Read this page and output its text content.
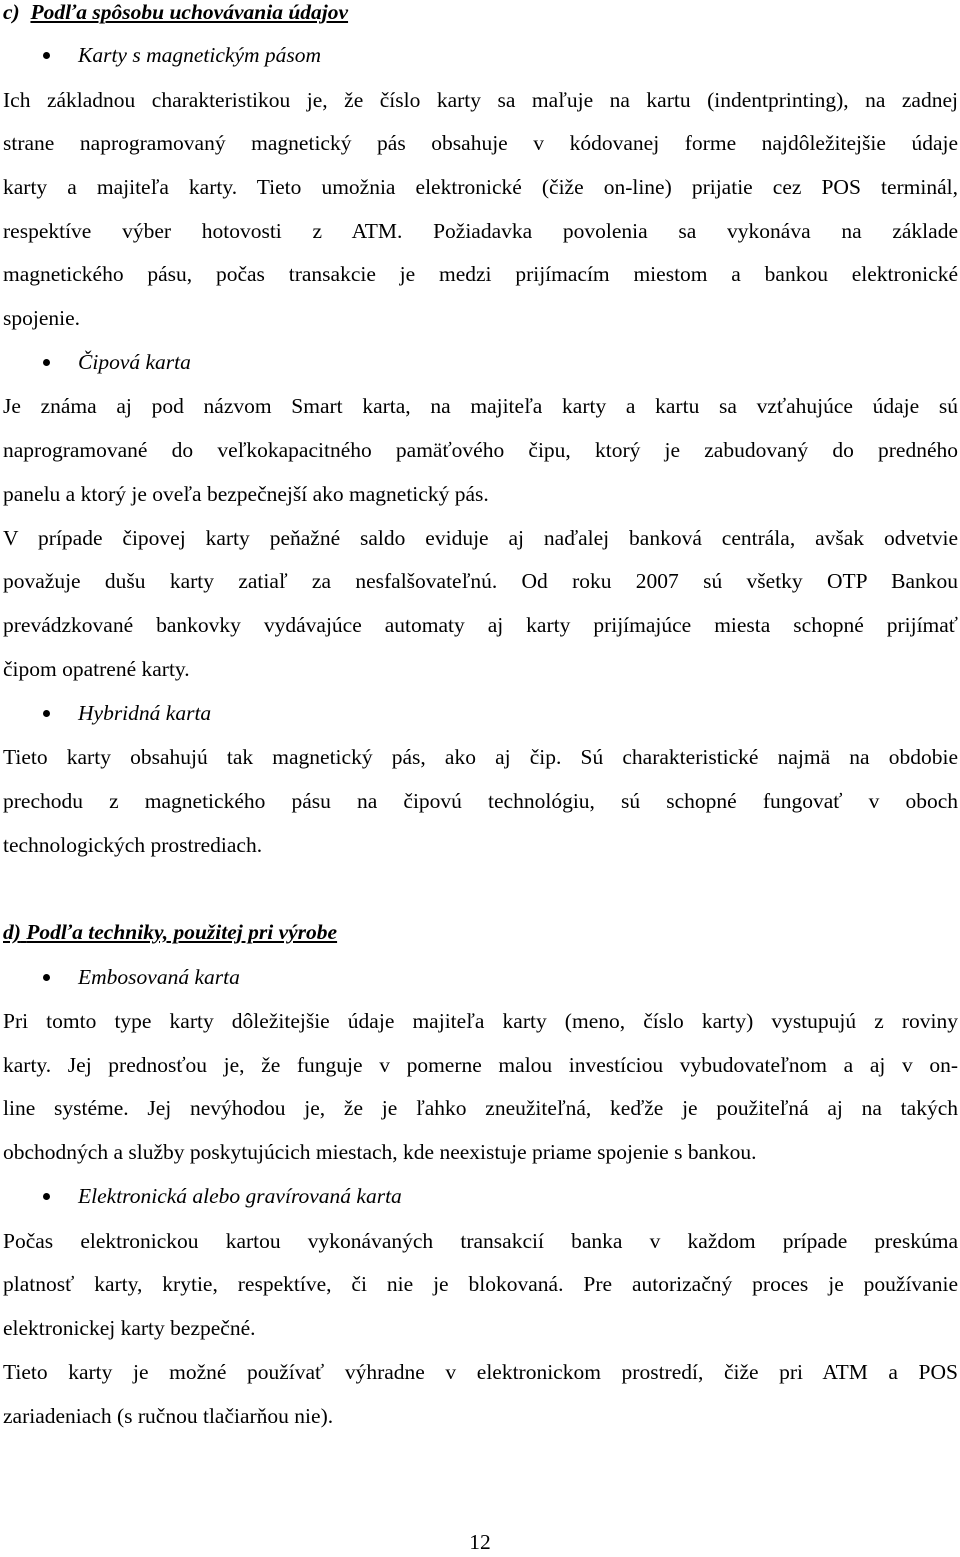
c) Podľa spôsobu uchovávania údajov
Karty s magnetickým pásom
Ich základnou charakteristikou je, že číslo karty sa maľuje na kartu (indentprinting), na zadnej
strane naprogramovaný magnetický pás obsahuje v kódovanej forme najdôležitejšie údaje
karty a majiteľa karty. Tieto umožnia elektronické (čiže on-line) prijatie cez POS terminál,
respektíve výber hotovosti z ATM. Požiadavka povolenia sa vykonáva na základe
magnetického pásu, počas transakcie je medzi prijímacím miestom a bankou elektronické
spojenie.
Čipová karta
Je známa aj pod názvom Smart karta, na majiteľa karty a kartu sa vzťahujúce údaje sú
naprogramované do veľkokapacitného pamäťového čipu, ktorý je zabudovaný do predného
panelu a ktorý je oveľa bezpečnejší ako magnetický pás.
V prípade čipovej karty peňažné saldo eviduje aj naďalej banková centrála, avšak odvetvie
považuje dušu karty zatiaľ za nesfalšovateľnú. Od roku 2007 sú všetky OTP Bankou
prevádzkované bankovky vydávajúce automaty aj karty prijímajúce miesta schopné prijímať
čipom opatrené karty.
Hybridná karta
Tieto karty obsahujú tak magnetický pás, ako aj čip. Sú charakteristické najmä na obdobie
prechodu z magnetického pásu na čipovú technológiu, sú schopné fungovať v oboch
technologických prostrediach.
d) Podľa techniky, použitej pri výrobe
Embosovaná karta
Pri tomto type karty dôležitejšie údaje majiteľa karty (meno, číslo karty) vystupujú z roviny
karty. Jej prednosťou je, že funguje v pomerne malou investíciou vybudovateľnom a aj v on-
line systéme. Jej nevýhodou je, že je ľahko zneužiteľná, keďže je použiteľná aj na takých
obchodných a služby poskytujúcich miestach, kde neexistuje priame spojenie s bankou.
Elektronická alebo gravírovaná karta
Počas elektronickou kartou vykonávaných transakcií banka v každom prípade preskúma
platnosť karty, krytie, respektíve, či nie je blokovaná. Pre autorizačný proces je používanie
elektronickej karty bezpečné.
Tieto karty je možné používať výhradne v elektronickom prostredí, čiže pri ATM a POS
zariadeniach (s ručnou tlačiarňou nie).
12
